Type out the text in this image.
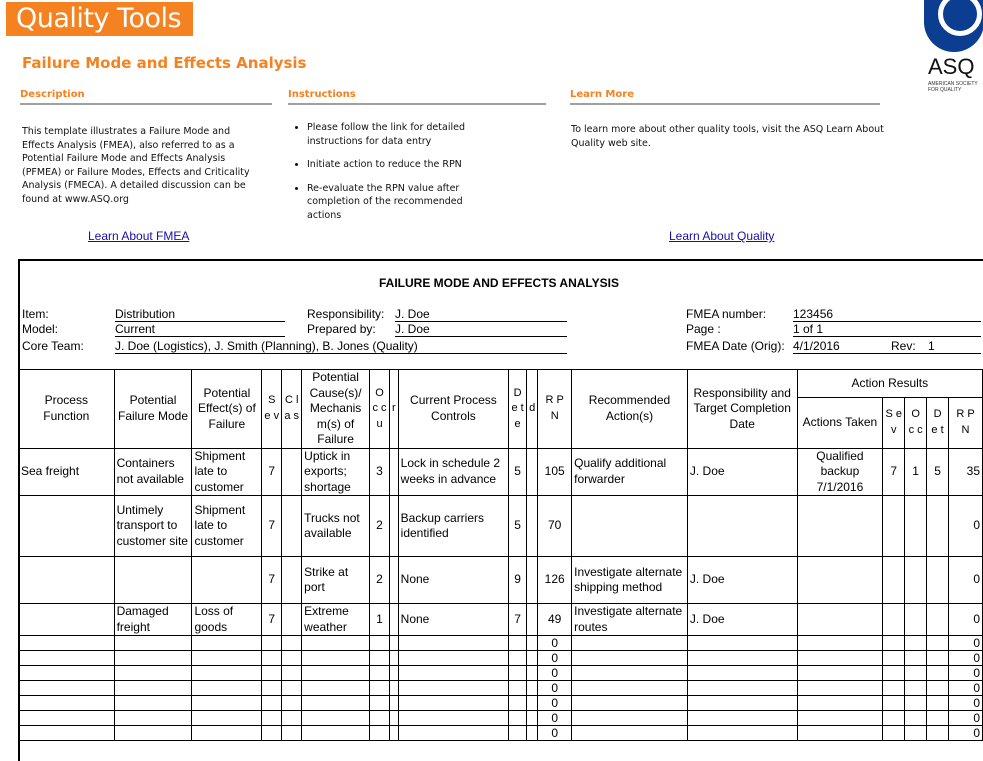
Quality Tools
Failure Mode and Effects Analysis	ASQ
AMERICAN SOCIETY FOR QUALITY
Description
This template illustrates a Failure Mode and Effects Analysis (FMEA), also referred to as a Potential Failure Mode and Effects Analysis (PFMEA) or Failure Modes, Effects and Criticality Analysis (FMECA). A detailed discussion can be found at www.ASQ.org
Learn About FMEA
Instructions
• Please follow the link for detailed instructions for data entry
• Initiate action to reduce the RPN
• Re-evaluate the RPN value after completion of the recommended actions
Learn More
To learn more about other quality tools, visit the ASQ Learn About Quality web site.
Learn About Quality
FAILURE MODE AND EFFECTS ANALYSIS
Item:	Distribution
Model:	Current
Core Team:	J. Doe (Logistics), J. Smith (Planning), B. Jones (Quality)
Responsibility: J. Doe
Prepared by: J. Doe
FMEA number: 123456
Page :	1 of 1
FMEA Date (Orig): 4/1/2016	Rev: 1
Process Function	Potential Failure Mode	Potential Effect(s) of Failure	S e v	C l a s	Potential Cause(s)/ Mechanis m(s) of Failure	O c c u	r	Current Process Controls	D e t e	d	R P N	Recommended Action(s)	Responsibility and Target Completion Date	Action Results				
														Actions Taken	S e v	O c c	D e t	R P N
Sea freight	Containers not available	Shipment late to customer	7		Uptick in exports; shortage	3		Lock in schedule 2 weeks in advance	5		105	Qualify additional forwarder	J. Doe	Qualified backup 7/1/2016	7	1	5	35
	Untimely transport to customer site	Shipment late to customer	7		Trucks not available	2		Backup carriers identified	5		70							0
			7		Strike at port	2		None	9		126	Investigate alternate shipping method	J. Doe					0
	Damaged freight	Loss of goods	7		Extreme weather	1		None	7		49	Investigate alternate routes	J. Doe					0
											0							0
											0							0
											0							0
											0							0
											0							0
											0							0
											0							0
